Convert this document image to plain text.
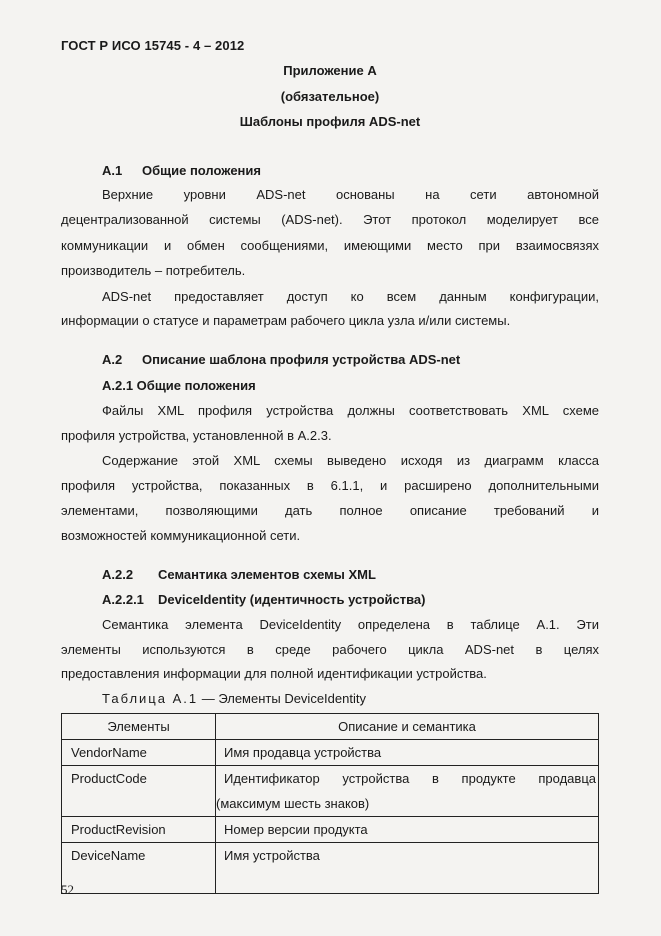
ГОСТ Р ИСО 15745 - 4 – 2012
Приложение А
(обязательное)
Шаблоны профиля ADS-net
А.1 Общие положения
Верхние уровни ADS-net основаны на сети автономной
децентрализованной системы (ADS-net). Этот протокол моделирует все
коммуникации и обмен сообщениями, имеющими место при взаимосвязях
производитель – потребитель.
ADS-net предоставляет доступ ко всем данным конфигурации,
информации о статусе и параметрам рабочего цикла узла и/или системы.
А.2 Описание шаблона профиля устройства ADS-net
А.2.1 Общие положения
Файлы XML профиля устройства должны соответствовать XML схеме
профиля устройства, установленной в А.2.3.
Содержание этой XML схемы выведено исходя из диаграмм класса
профиля устройства, показанных в 6.1.1, и расширено дополнительными
элементами, позволяющими дать полное описание требований и
возможностей коммуникационной сети.
А.2.2 Семантика элементов схемы XML
А.2.2.1 DeviceIdentity (идентичность устройства)
Семантика элемента DeviceIdentity определена в таблице А.1. Эти
элементы используются в среде рабочего цикла ADS-net в целях
предоставления информации для полной идентификации устройства.
Таблица А.1 — Элементы DeviceIdentity
Элементы	Описание и семантика
VendorName	Имя продавца устройства

ProductCode	Идентификатор устройства в продукте продавца
(максимум шесть знаков)

ProductRevision	Номер версии продукта

DeviceName	Имя устройства
52
